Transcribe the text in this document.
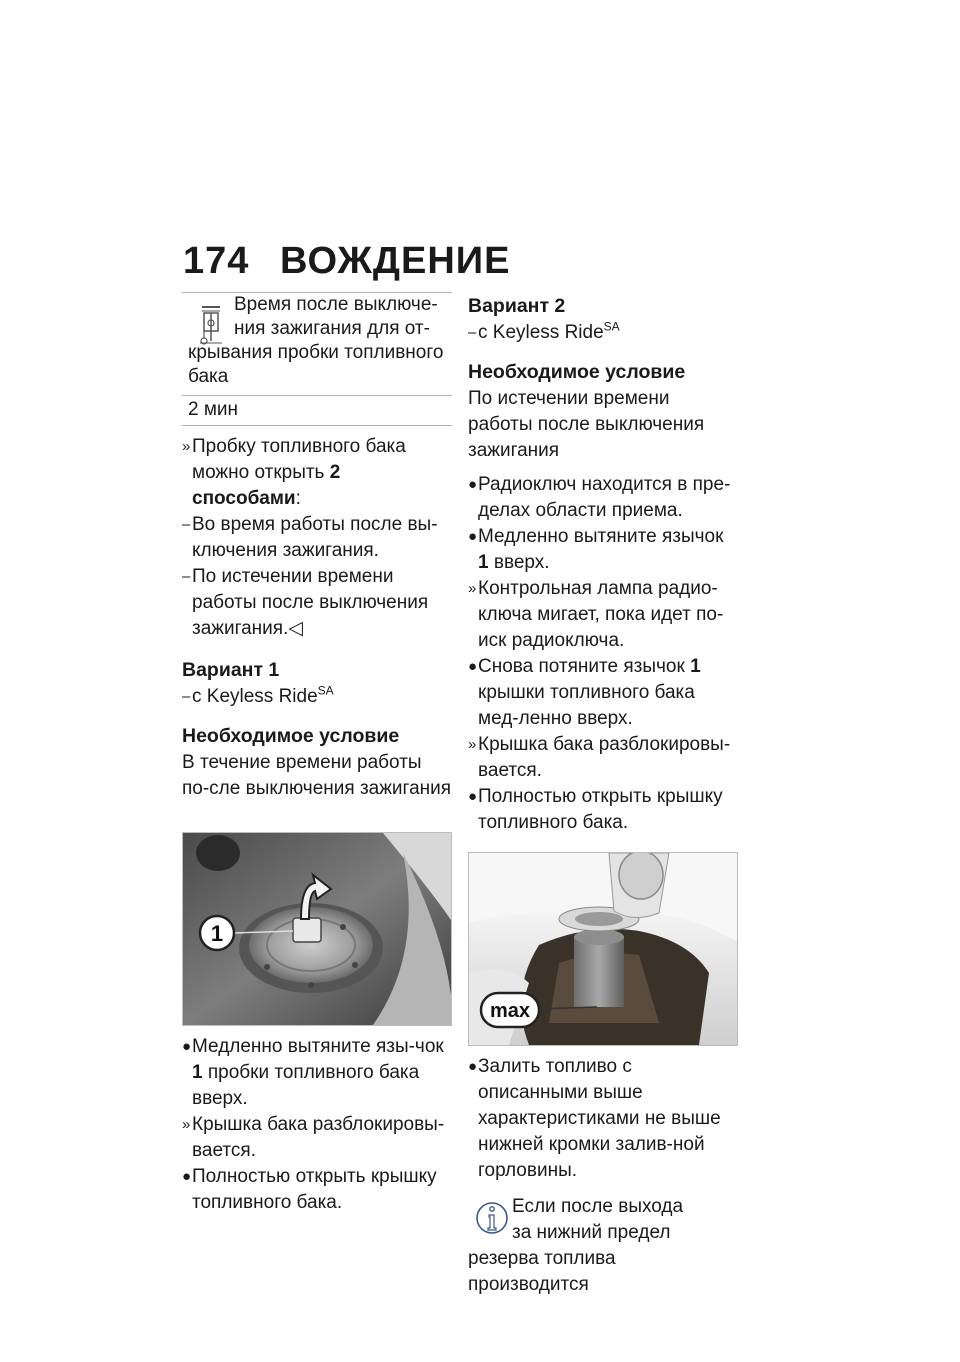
174 ВОЖДЕНИЕ

Время после выключе-

ния зажигания для от-

крывания пробки топливного

бака

2 мин
» Пробку топливного бака можно открыть 2 способами:
– Во время работы после вы-ключения зажигания.
– По истечении времени работы после выключения зажигания.◁

Вариант 1

– с Keyless Ride$^{SA}$

Необходимое условие

В течение времени работы по-сле выключения зажигания

1
● Медленно вытяните язы-чок 1 пробки топливного бака вверх.
» Крышка бака разблокировы-вается.
● Полностью открыть крышку топливного бака.

Вариант 2

– с Keyless Ride$^{SA}$

Необходимое условие

По истечении времени работы после выключения зажигания

● Радиоключ находится в пре-делах области приема.
● Медленно вытяните язычок 1 вверх.
» Контрольная лампа радио-ключа мигает, пока идет по-иск радиоключа.
● Снова потяните язычок 1 крышки топливного бака мед-ленно вверх.
» Крышка бака разблокировы-вается.
● Полностью открыть крышку топливного бака.
max
● Залить топливо с описанными выше характеристиками не выше нижней кромки залив-ной горловины.

Если после выхода

за нижний предел

резерва топлива производится
